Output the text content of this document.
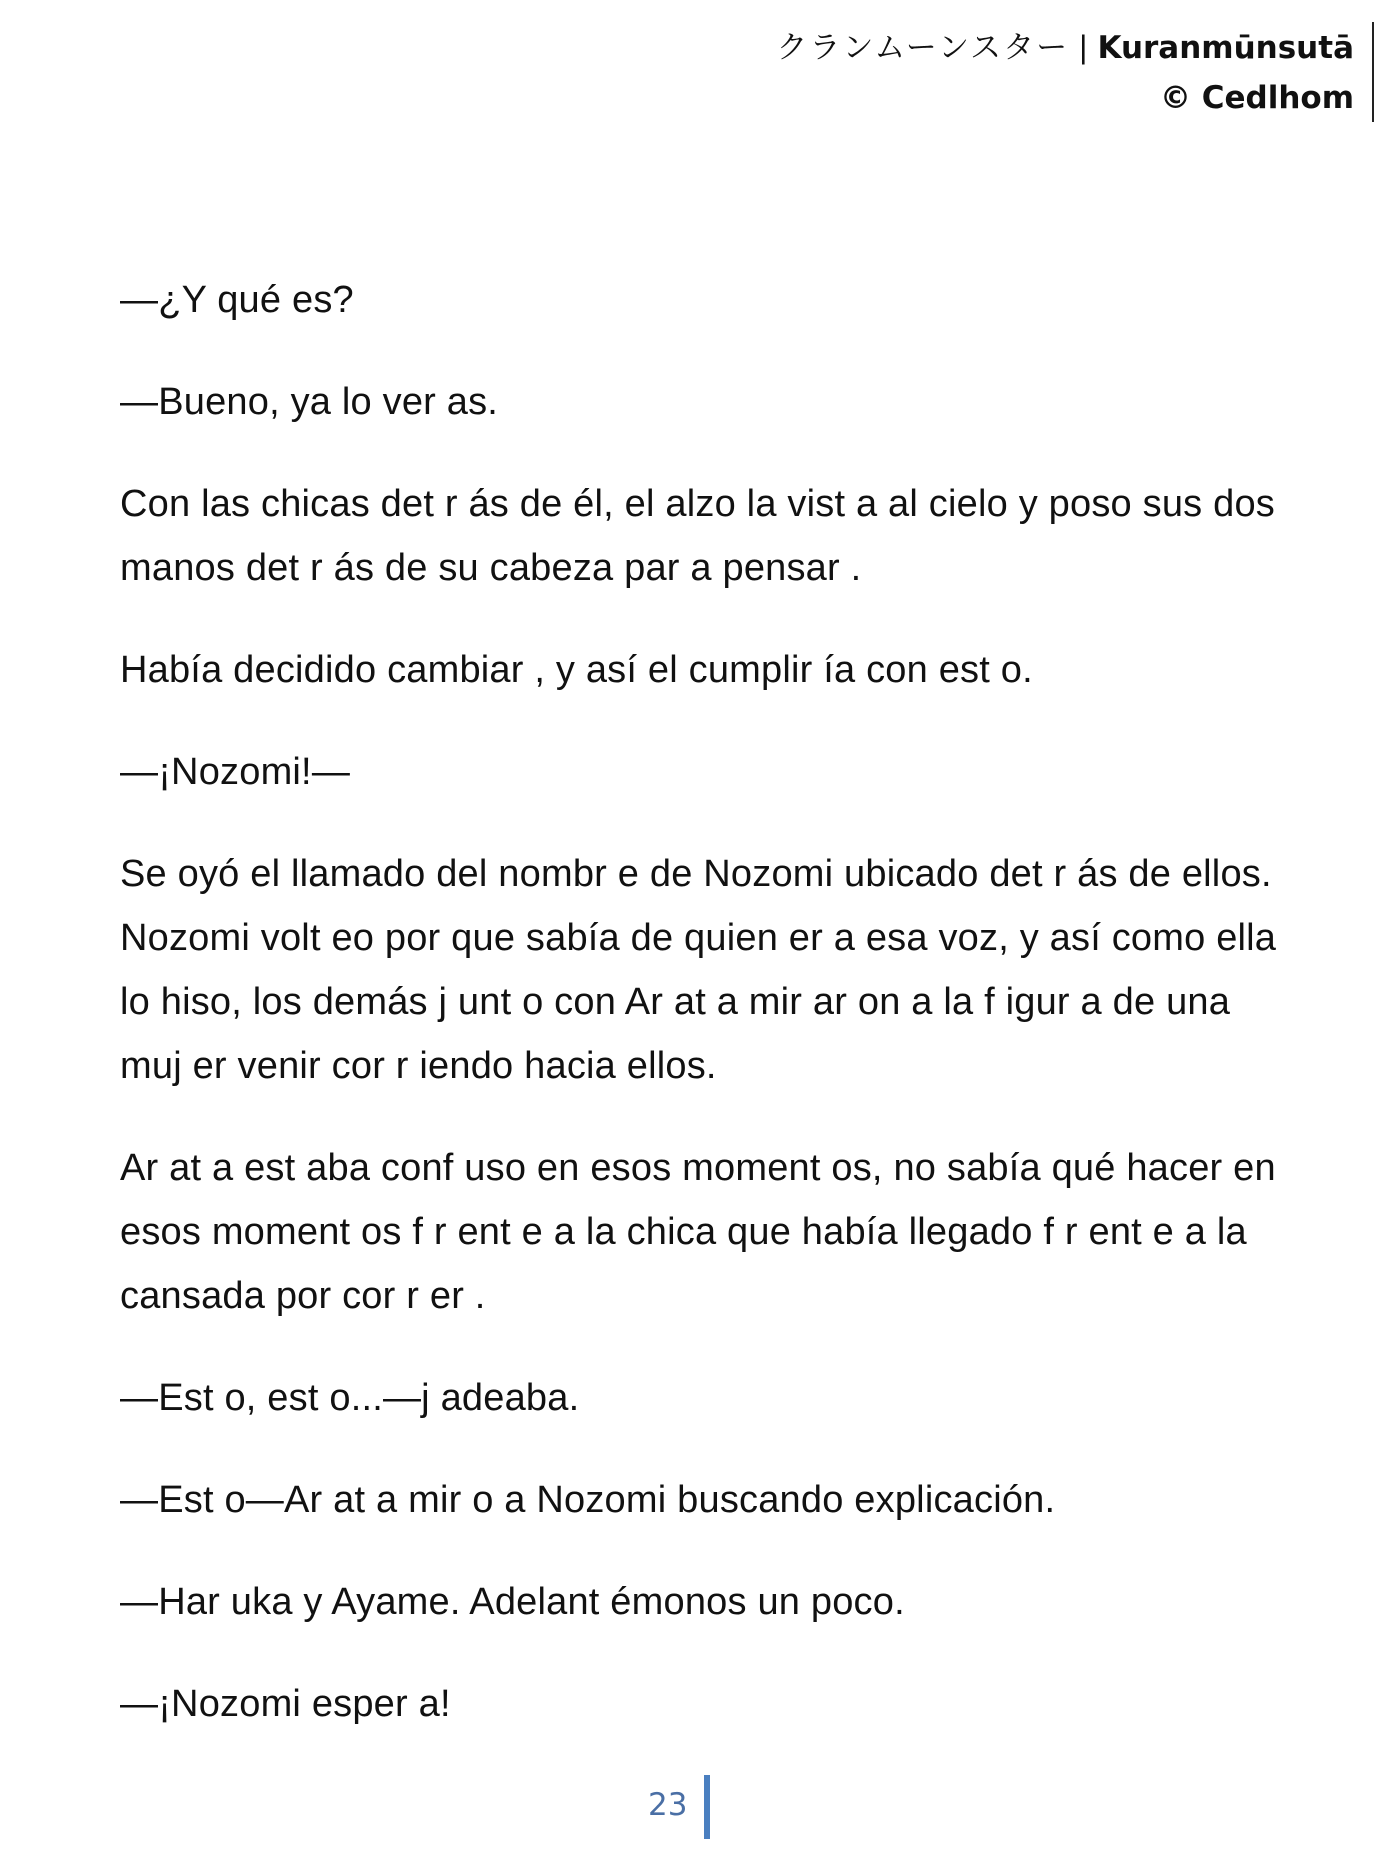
クランムーンスター | Kuranmūnsutā
© Cedlhom

—¿Y qué es?

—Bueno, ya lo ver as.

Con las chicas det r ás de él, el alzo la vist a al cielo y poso sus dos manos det r ás de su cabeza par a pensar .

Había decidido cambiar , y así el cumplir ía con est o.

—¡Nozomi!—

Se oyó el llamado del nombr e de Nozomi ubicado det r ás de ellos. Nozomi volt eo por que sabía de quien er a esa voz, y así como ella lo hiso, los demás j unt o con Ar at a mir ar on a la f igur a de una muj er venir cor r iendo hacia ellos.

Ar at a est aba conf uso en esos moment os, no sabía qué hacer en esos moment os f r ent e a la chica que había llegado f r ent e a la cansada por cor r er .

—Est o, est o...—j adeaba.

—Est o—Ar at a mir o a Nozomi buscando explicación.

—Har uka y Ayame. Adelant émonos un poco.

—¡Nozomi esper a!

23
